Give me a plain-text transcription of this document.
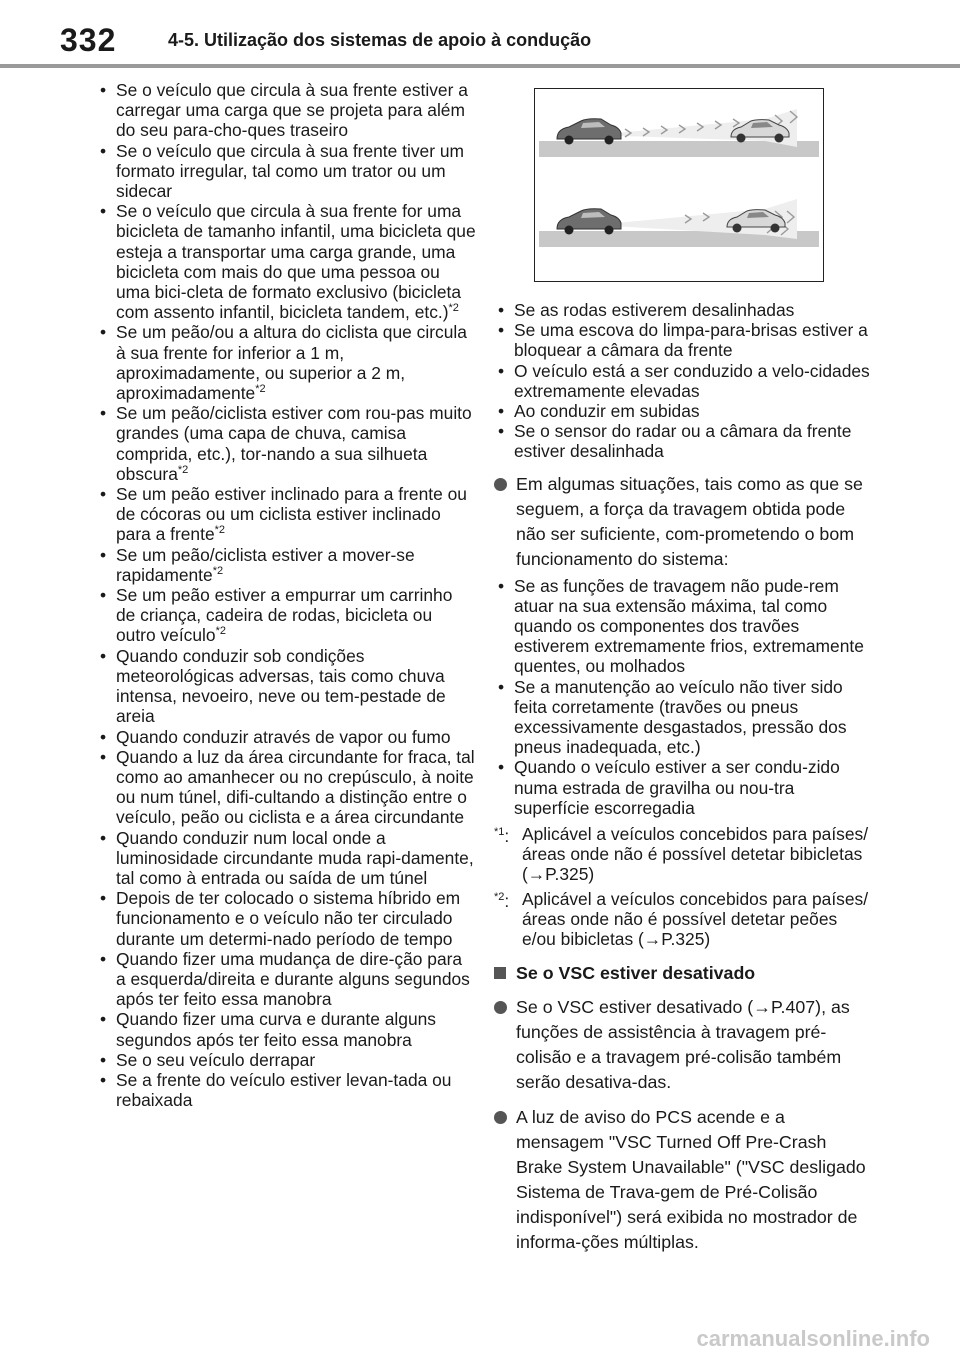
332	4-5. Utilização dos sistemas de apoio à condução
• Se o veículo que circula à sua frente estiver a carregar uma carga que se projeta para além do seu para-cho-ques traseiro
• Se o veículo que circula à sua frente tiver um formato irregular, tal como um trator ou um sidecar
• Se o veículo que circula à sua frente for uma bicicleta de tamanho infantil, uma bicicleta que esteja a transportar uma carga grande, uma bicicleta com mais do que uma pessoa ou uma bici-cleta de formato exclusivo (bicicleta com assento infantil, bicicleta tandem, etc.)$^{*2}$
• Se um peão/ou a altura do ciclista que circula à sua frente for inferior a 1 m, aproximadamente, ou superior a 2 m, aproximadamente$^{*2}$
• Se um peão/ciclista estiver com rou-pas muito grandes (uma capa de chuva, camisa comprida, etc.), tor-nando a sua silhueta obscura$^{*2}$
• Se um peão estiver inclinado para a frente ou de cócoras ou um ciclista estiver inclinado para a frente$^{*2}$
• Se um peão/ciclista estiver a mover-se rapidamente$^{*2}$
• Se um peão estiver a empurrar um carrinho de criança, cadeira de rodas, bicicleta ou outro veículo$^{*2}$
• Quando conduzir sob condições meteorológicas adversas, tais como chuva intensa, nevoeiro, neve ou tem-pestade de areia
• Quando conduzir através de vapor ou fumo
• Quando a luz da área circundante for fraca, tal como ao amanhecer ou no crepúsculo, à noite ou num túnel, difi-cultando a distinção entre o veículo, peão ou ciclista e a área circundante
• Quando conduzir num local onde a luminosidade circundante muda rapi-damente, tal como à entrada ou saída de um túnel
• Depois de ter colocado o sistema híbrido em funcionamento e o veículo não ter circulado durante um determi-nado período de tempo
• Quando fizer uma mudança de dire-ção para a esquerda/direita e durante alguns segundos após ter feito essa manobra
• Quando fizer uma curva e durante alguns segundos após ter feito essa manobra
• Se o seu veículo derrapar
• Se a frente do veículo estiver levan-tada ou rebaixada
• Se as rodas estiverem desalinhadas
• Se uma escova do limpa-para-brisas estiver a bloquear a câmara da frente
• O veículo está a ser conduzido a velo-cidades extremamente elevadas
• Ao conduzir em subidas
• Se o sensor do radar ou a câmara da frente estiver desalinhada
Em algumas situações, tais como as que se seguem, a força da travagem obtida pode não ser suficiente, com-prometendo o bom funcionamento do sistema:
• Se as funções de travagem não pude-rem atuar na sua extensão máxima, tal como quando os componentes dos travões estiverem extremamente frios, extremamente quentes, ou molhados
• Se a manutenção ao veículo não tiver sido feita corretamente (travões ou pneus excessivamente desgastados, pressão dos pneus inadequada, etc.)
• Quando o veículo estiver a ser condu-zido numa estrada de gravilha ou nou-tra superfície escorregadia
$^{*1}$: Aplicável a veículos concebidos para países/áreas onde não é possível detetar bibicletas (→P.325)
$^{*2}$: Aplicável a veículos concebidos para países/áreas onde não é possível detetar peões e/ou bibicletas (→P.325)
Se o VSC estiver desativado
Se o VSC estiver desativado (→P.407), as funções de assistência à travagem pré-colisão e a travagem pré-colisão também serão desativa-das.
A luz de aviso do PCS acende e a mensagem "VSC Turned Off Pre-Crash Brake System Unavailable" ("VSC desligado Sistema de Trava-gem de Pré-Colisão indisponível") será exibida no mostrador de informa-ções múltiplas.
carmanualsonline.info
